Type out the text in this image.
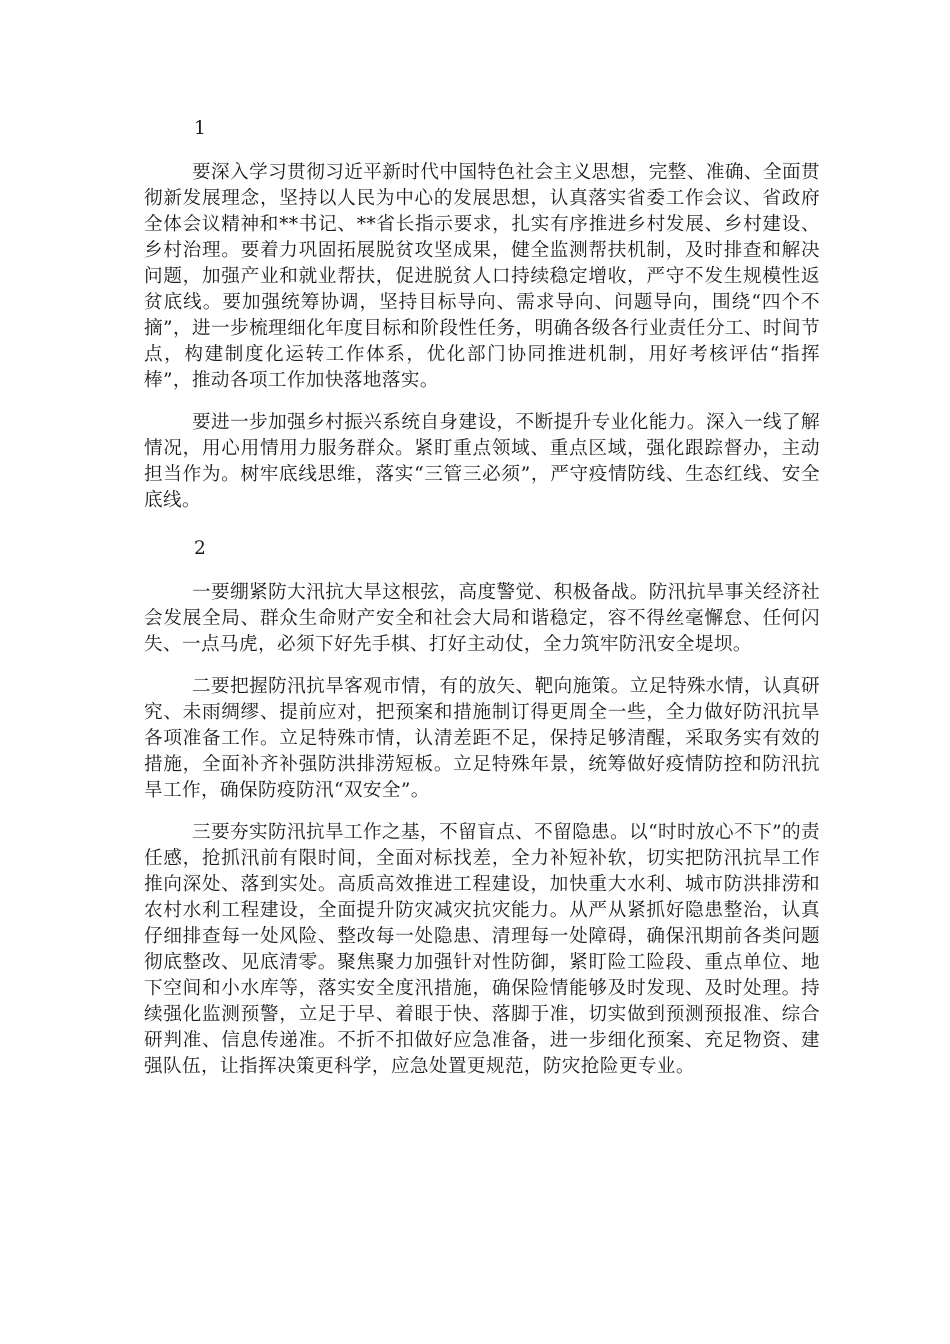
1

要深入学习贯彻习近平新时代中国特色社会主义思想，完整、准确、全面贯彻新发展理念，坚持以人民为中心的发展思想，认真落实省委工作会议、省政府全体会议精神和**书记、**省长指示要求，扎实有序推进乡村发展、乡村建设、乡村治理。要着力巩固拓展脱贫攻坚成果，健全监测帮扶机制，及时排查和解决问题，加强产业和就业帮扶，促进脱贫人口持续稳定增收，严守不发生规模性返贫底线。要加强统筹协调，坚持目标导向、需求导向、问题导向，围绕“四个不摘”，进一步梳理细化年度目标和阶段性任务，明确各级各行业责任分工、时间节点，构建制度化运转工作体系，优化部门协同推进机制，用好考核评估“指挥棒”，推动各项工作加快落地落实。

要进一步加强乡村振兴系统自身建设，不断提升专业化能力。深入一线了解情况，用心用情用力服务群众。紧盯重点领域、重点区域，强化跟踪督办，主动担当作为。树牢底线思维，落实“三管三必须”，严守疫情防线、生态红线、安全底线。

2

一要绷紧防大汛抗大旱这根弦，高度警觉、积极备战。防汛抗旱事关经济社会发展全局、群众生命财产安全和社会大局和谐稳定，容不得丝毫懈怠、任何闪失、一点马虎，必须下好先手棋、打好主动仗，全力筑牢防汛安全堤坝。

二要把握防汛抗旱客观市情，有的放矢、靶向施策。立足特殊水情，认真研究、未雨绸缪、提前应对，把预案和措施制订得更周全一些，全力做好防汛抗旱各项准备工作。立足特殊市情，认清差距不足，保持足够清醒，采取务实有效的措施，全面补齐补强防洪排涝短板。立足特殊年景，统筹做好疫情防控和防汛抗旱工作，确保防疫防汛“双安全”。

三要夯实防汛抗旱工作之基，不留盲点、不留隐患。以“时时放心不下”的责任感，抢抓汛前有限时间，全面对标找差，全力补短补软，切实把防汛抗旱工作推向深处、落到实处。高质高效推进工程建设，加快重大水利、城市防洪排涝和农村水利工程建设，全面提升防灾减灾抗灾能力。从严从紧抓好隐患整治，认真仔细排查每一处风险、整改每一处隐患、清理每一处障碍，确保汛期前各类问题彻底整改、见底清零。聚焦聚力加强针对性防御，紧盯险工险段、重点单位、地下空间和小水库等，落实安全度汛措施，确保险情能够及时发现、及时处理。持续强化监测预警，立足于早、着眼于快、落脚于准，切实做到预测预报准、综合研判准、信息传递准。不折不扣做好应急准备，进一步细化预案、充足物资、建强队伍，让指挥决策更科学，应急处置更规范，防灾抢险更专业。
